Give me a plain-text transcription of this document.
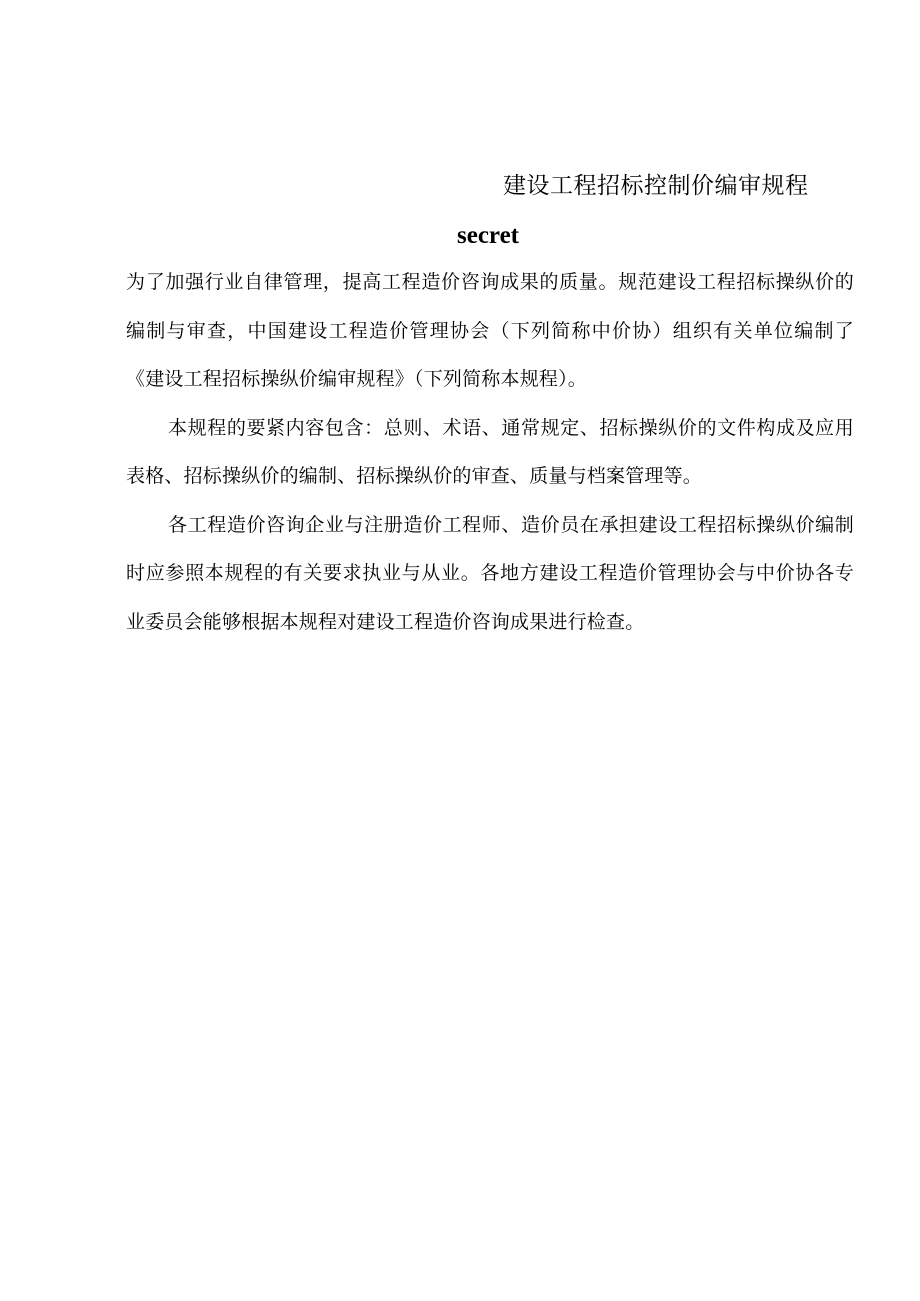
建设工程招标控制价编审规程
secret

为了加强行业自律管理，提高工程造价咨询成果的质量。规范建设工程招标操纵价的编制与审查，中国建设工程造价管理协会（下列简称中价协）组织有关单位编制了《建设工程招标操纵价编审规程》（下列简称本规程）。

本规程的要紧内容包含：总则、术语、通常规定、招标操纵价的文件构成及应用表格、招标操纵价的编制、招标操纵价的审查、质量与档案管理等。

各工程造价咨询企业与注册造价工程师、造价员在承担建设工程招标操纵价编制时应参照本规程的有关要求执业与从业。各地方建设工程造价管理协会与中价协各专业委员会能够根据本规程对建设工程造价咨询成果进行检查。
